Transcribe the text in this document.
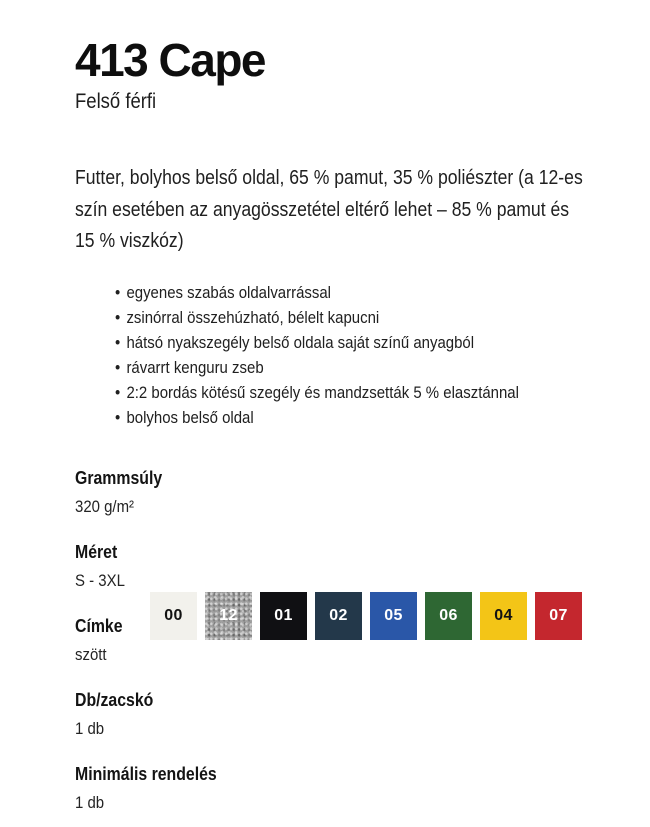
413 Cape
Felső férfi
Futter, bolyhos belső oldal, 65 % pamut, 35 % poliészter (a 12-es
szín esetében az anyagösszetétel eltérő lehet – 85 % pamut és
15 % viszkóz)
• egyenes szabás oldalvarrással
• zsinórral összehúzható, bélelt kapucni
• hátsó nyakszegély belső oldala saját színű anyagból
• rávarrt kenguru zseb
• 2:2 bordás kötésű szegély és mandzsetták 5 % elasztánnal
• bolyhos belső oldal
Grammsúly
320 g/m²
Méret
S - 3XL
Címke
szött
Db/zacskó
1 db
Minimális rendelés
1 db
00 12 01 02 05 06 04 07
